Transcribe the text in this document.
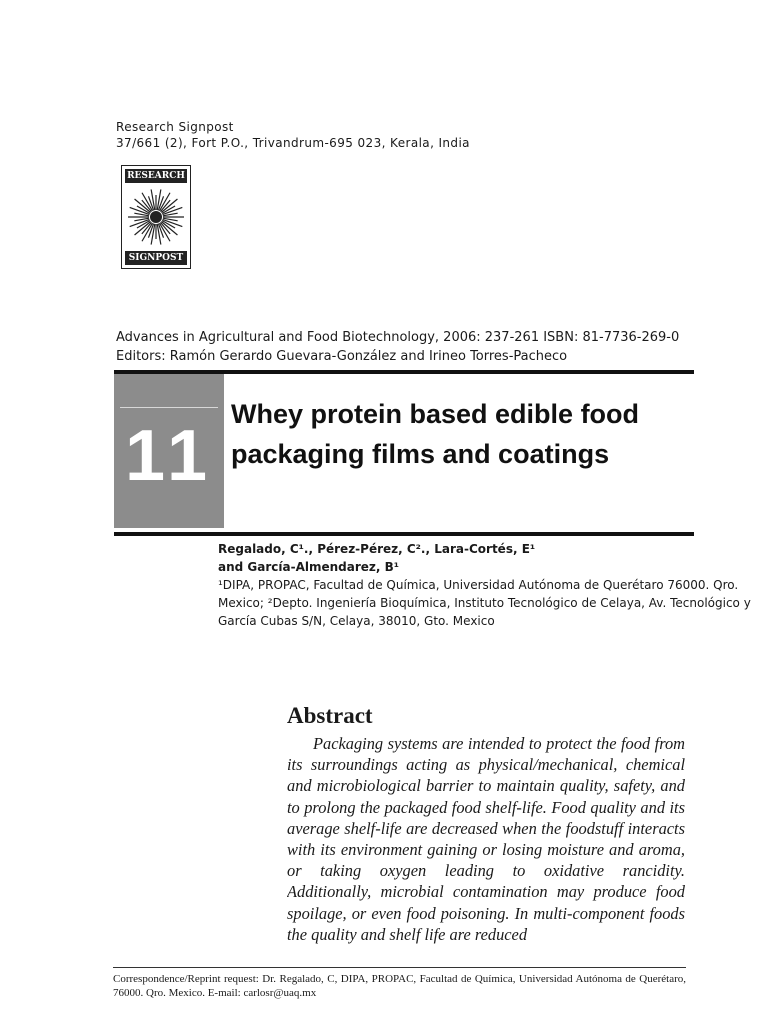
Research Signpost
37/661 (2), Fort P.O., Trivandrum-695 023, Kerala, India
RESEARCH
SIGNPOST
Advances in Agricultural and Food Biotechnology, 2006: 237-261 ISBN: 81-7736-269-0
Editors: Ramón Gerardo Guevara-González and Irineo Torres-Pacheco
11
Whey protein based edible food packaging films and coatings
Regalado, C¹., Pérez-Pérez, C²., Lara-Cortés, E¹
and García-Almendarez, B¹
¹DIPA, PROPAC, Facultad de Química, Universidad Autónoma de Querétaro 76000. Qro. Mexico; ²Depto. Ingeniería Bioquímica, Instituto Tecnológico de Celaya, Av. Tecnológico y García Cubas S/N, Celaya, 38010, Gto. Mexico
Abstract

Packaging systems are intended to protect the food from its surroundings acting as physical/mechanical, chemical and microbiological barrier to maintain quality, safety, and to prolong the packaged food shelf-life. Food quality and its average shelf-life are decreased when the foodstuff interacts with its environment gaining or losing moisture and aroma, or taking oxygen leading to oxidative rancidity. Additionally, microbial contamination may produce food spoilage, or even food poisoning. In multi-component foods the quality and shelf life are reduced

Correspondence/Reprint request: Dr. Regalado, C, DIPA, PROPAC, Facultad de Química, Universidad Autónoma de Querétaro, 76000. Qro. Mexico. E-mail: carlosr@uaq.mx
